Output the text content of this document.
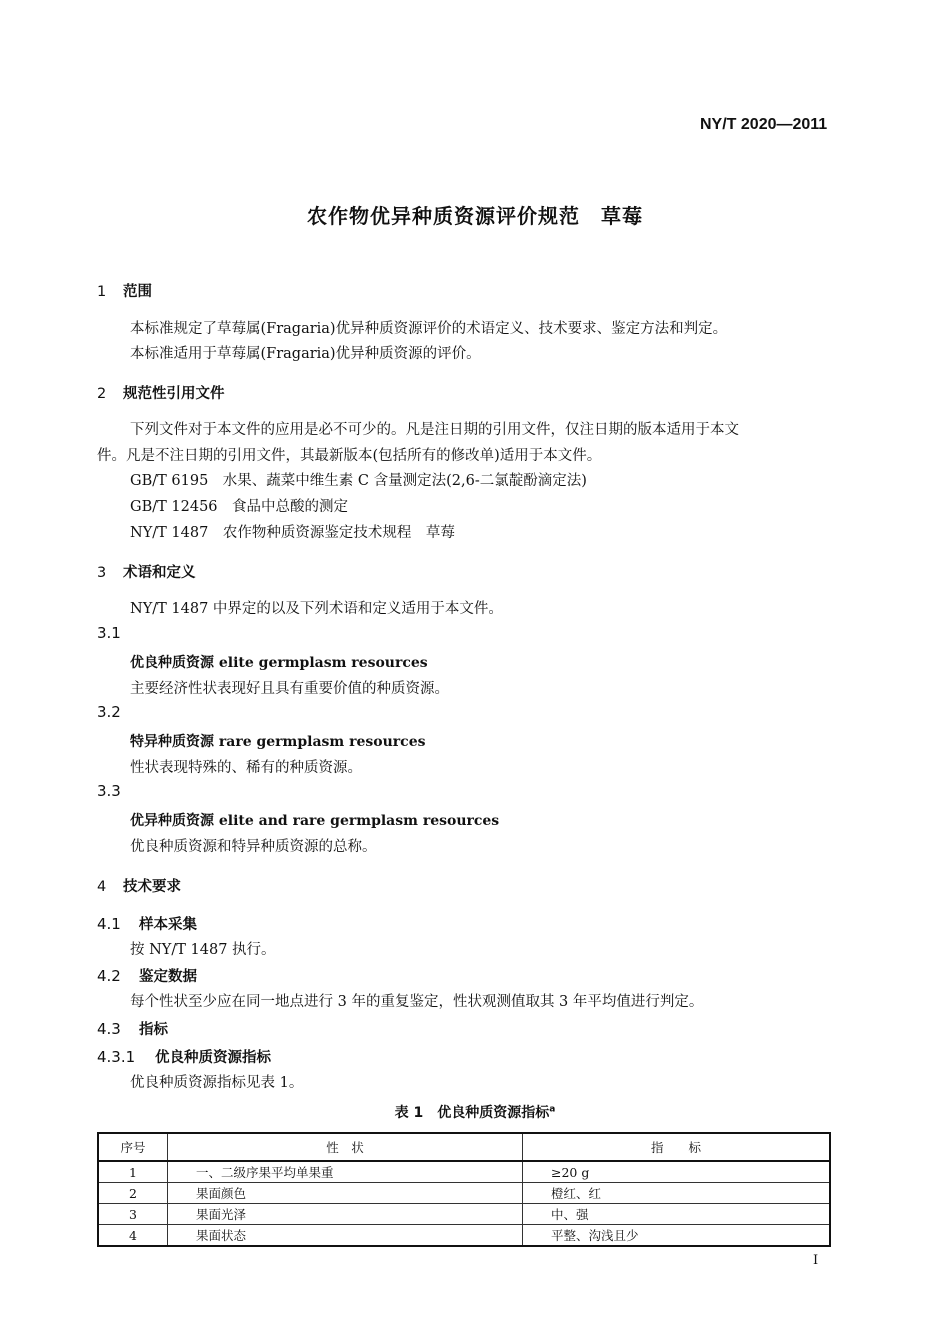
NY/T 2020—2011
农作物优异种质资源评价规范　草莓
1 范围
本标准规定了草莓属(Fragaria)优异种质资源评价的术语定义、技术要求、鉴定方法和判定。
本标准适用于草莓属(Fragaria)优异种质资源的评价。
2 规范性引用文件
下列文件对于本文件的应用是必不可少的。凡是注日期的引用文件，仅注日期的版本适用于本文
件。凡是不注日期的引用文件，其最新版本(包括所有的修改单)适用于本文件。
GB/T 6195　水果、蔬菜中维生素 C 含量测定法(2,6-二氯靛酚滴定法)
GB/T 12456　食品中总酸的测定
NY/T 1487　农作物种质资源鉴定技术规程　草莓
3 术语和定义
NY/T 1487 中界定的以及下列术语和定义适用于本文件。
3.1
优良种质资源 elite germplasm resources
主要经济性状表现好且具有重要价值的种质资源。
3.2
特异种质资源 rare germplasm resources
性状表现特殊的、稀有的种质资源。
3.3
优异种质资源 elite and rare germplasm resources
优良种质资源和特异种质资源的总称。
4 技术要求
4.1 样本采集
按 NY/T 1487 执行。
4.2 鉴定数据
每个性状至少应在同一地点进行 3 年的重复鉴定，性状观测值取其 3 年平均值进行判定。
4.3 指标
4.3.1 优良种质资源指标
优良种质资源指标见表 1。
表 1　优良种质资源指标$^a$
序号	性　状	指　　标
1	一、二级序果平均单果重	≥20 g
2	果面颜色	橙红、红
3	果面光泽	中、强
4	果面状态	平整、沟浅且少
I
